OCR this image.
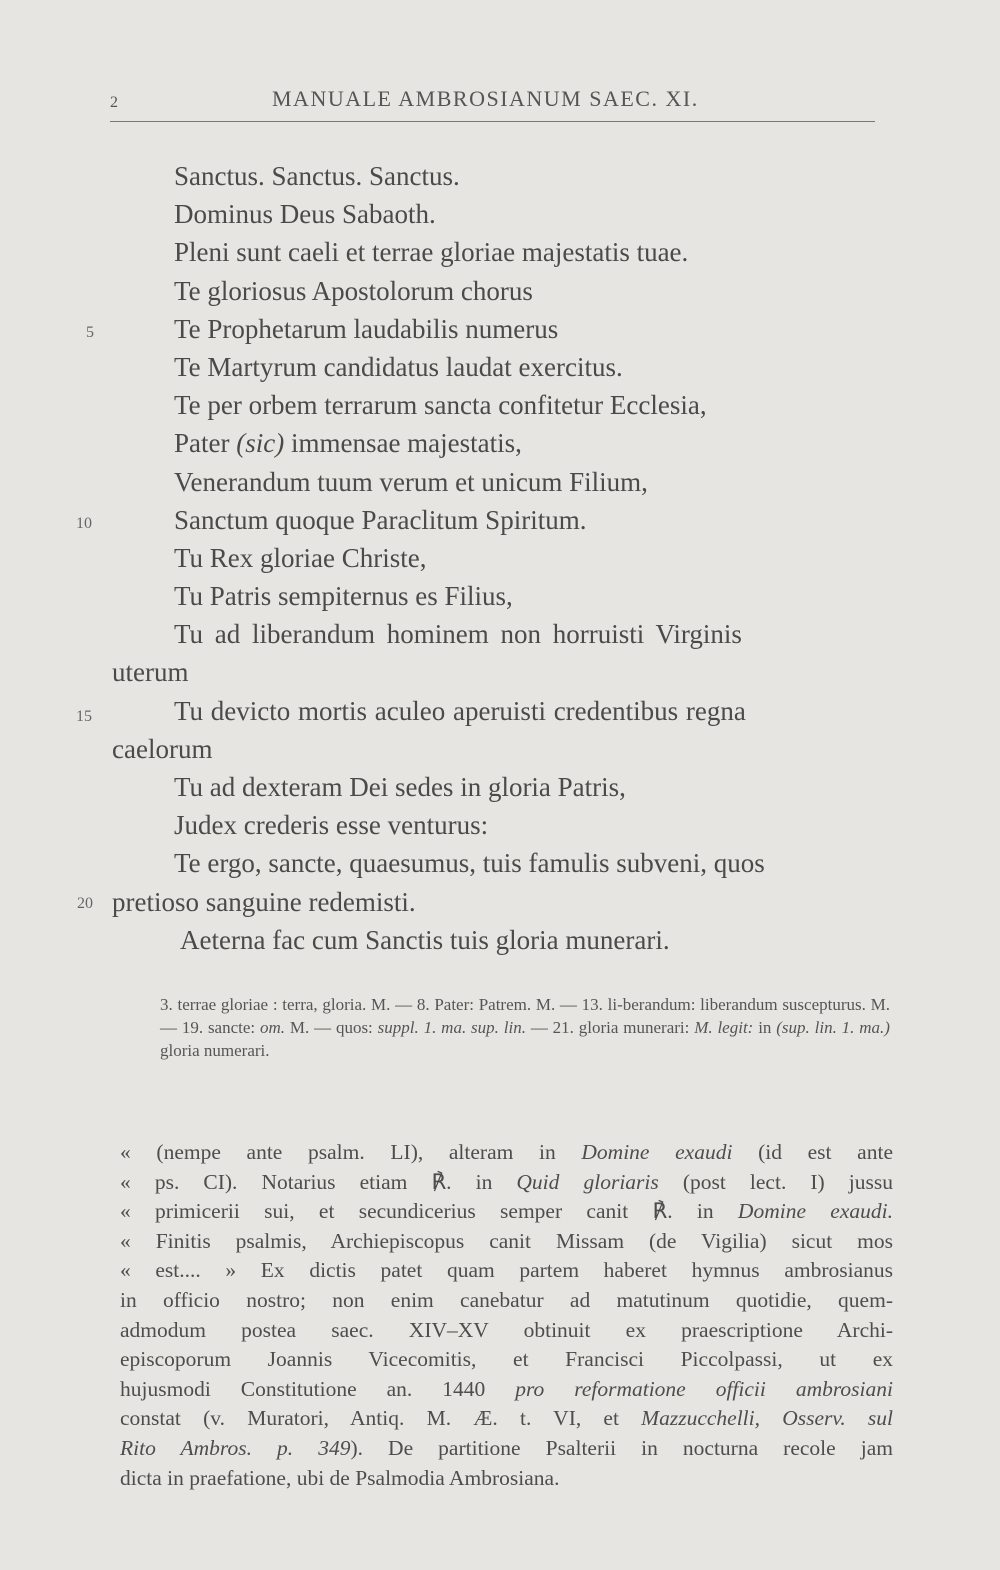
2	MANUALE AMBROSIANUM SAEC. XI.
Sanctus. Sanctus. Sanctus.
Dominus Deus Sabaoth.
Pleni sunt caeli et terrae gloriae majestatis tuae.
Te gloriosus Apostolorum chorus
5	Te Prophetarum laudabilis numerus
Te Martyrum candidatus laudat exercitus.
Te per orbem terrarum sancta confitetur Ecclesia,
Pater (sic) immensae majestatis,
Venerandum tuum verum et unicum Filium,
10	Sanctum quoque Paraclitum Spiritum.
Tu Rex gloriae Christe,
Tu Patris sempiternus es Filius,
Tu ad liberandum hominem non horruisti Virginis
uterum
15	Tu devicto mortis aculeo aperuisti credentibus regna
caelorum
Tu ad dexteram Dei sedes in gloria Patris,
Judex crederis esse venturus:
Te ergo, sancte, quaesumus, tuis famulis subveni, quos
20 pretioso sanguine redemisti.
Aeterna fac cum Sanctis tuis gloria munerari.
3. terrae gloriae : terra, gloria. M. — 8. Pater: Patrem. M. — 13. li-berandum: liberandum suscepturus. M. — 19. sancte: om. M. — quos: suppl. 1. ma. sup. lin. — 21. gloria munerari: M. legit: in (sup. lin. 1. ma.) gloria numerari.
« (nempe ante psalm. LI), alteram in Domine exaudi (id est ante
« ps. CI). Notarius etiam ℟. in Quid gloriaris (post lect. I) jussu
« primicerii sui, et secundicerius semper canit ℟. in Domine exaudi.
« Finitis psalmis, Archiepiscopus canit Missam (de Vigilia) sicut mos
« est.... » Ex dictis patet quam partem haberet hymnus ambrosianus
in officio nostro; non enim canebatur ad matutinum quotidie, quem-
admodum postea saec. XIV–XV obtinuit ex praescriptione Archi-
episcoporum Joannis Vicecomitis, et Francisci Piccolpassi, ut ex
hujusmodi Constitutione an. 1440 pro reformatione officii ambrosiani
constat (v. Muratori, Antiq. M. Æ. t. VI, et Mazzucchelli, Osserv. sul
Rito Ambros. p. 349). De partitione Psalterii in nocturna recole jam
dicta in praefatione, ubi de Psalmodia Ambrosiana.
